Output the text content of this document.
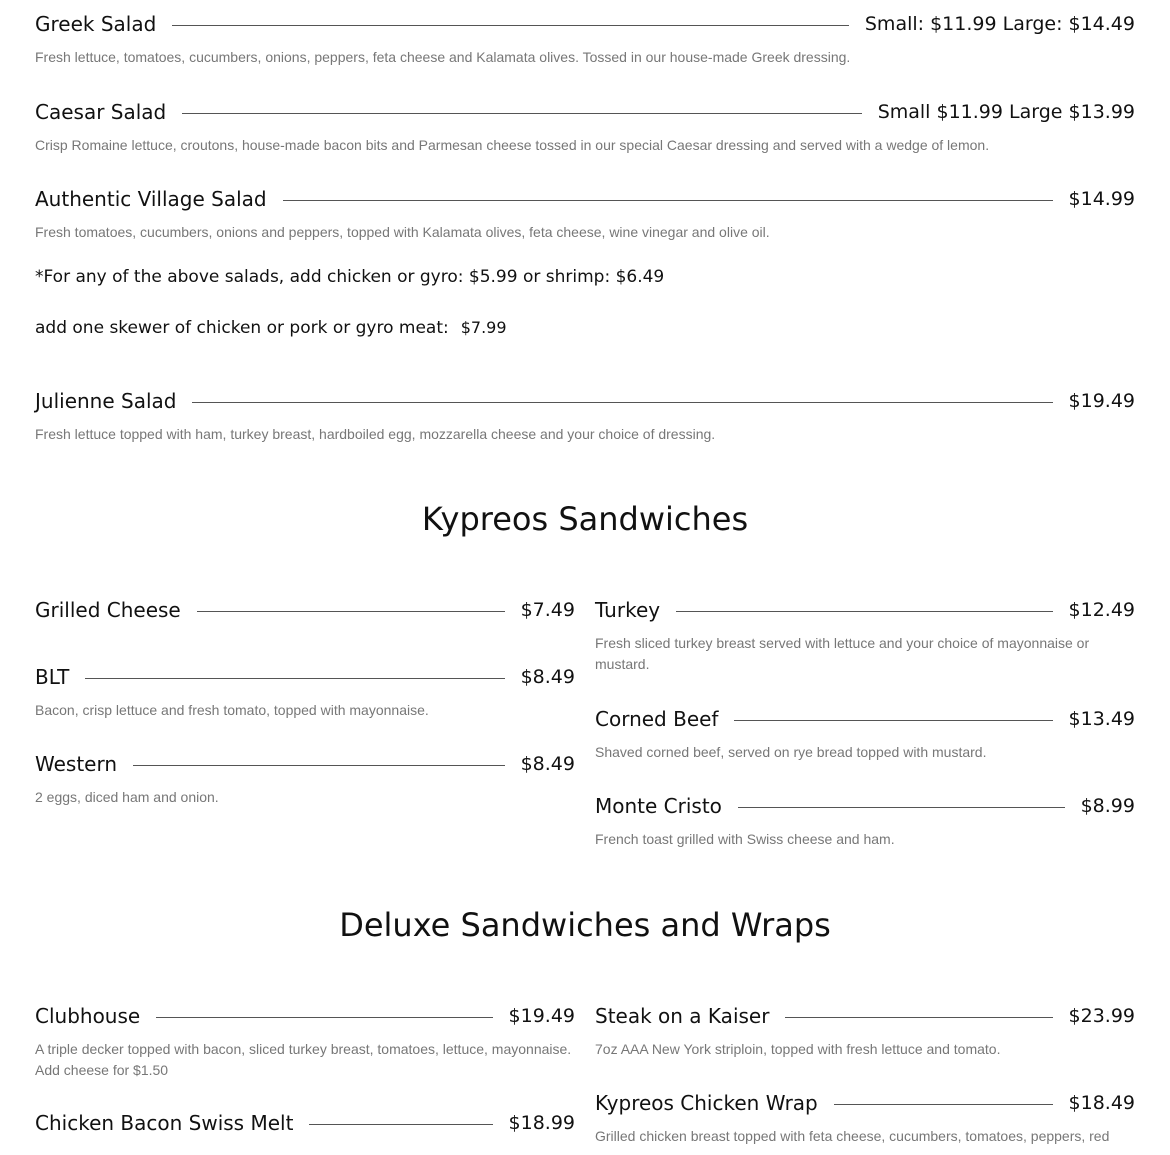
Greek Salad	Small: $11.99 Large: $14.49
Fresh lettuce, tomatoes, cucumbers, onions, peppers, feta cheese and Kalamata olives. Tossed in our house-made Greek dressing.
Caesar Salad	Small $11.99 Large $13.99
Crisp Romaine lettuce, croutons, house-made bacon bits and Parmesan cheese tossed in our special Caesar dressing and served with a wedge of lemon.
Authentic Village Salad	$14.99
Fresh tomatoes, cucumbers, onions and peppers, topped with Kalamata olives, feta cheese, wine vinegar and olive oil.
*For any of the above salads, add chicken or gyro: $5.99 or shrimp: $6.49
add one skewer of chicken or pork or gyro meat: $7.99
Julienne Salad	$19.49
Fresh lettuce topped with ham, turkey breast, hardboiled egg, mozzarella cheese and your choice of dressing.
Kypreos Sandwiches
Grilled Cheese	$7.49
BLT	$8.49
Bacon, crisp lettuce and fresh tomato, topped with mayonnaise.
Western	$8.49
2 eggs, diced ham and onion.
Turkey	$12.49
Fresh sliced turkey breast served with lettuce and your choice of mayonnaise or mustard.
Corned Beef	$13.49
Shaved corned beef, served on rye bread topped with mustard.
Monte Cristo	$8.99
French toast grilled with Swiss cheese and ham.
Deluxe Sandwiches and Wraps
Clubhouse	$19.49
A triple decker topped with bacon, sliced turkey breast, tomatoes, lettuce, mayonnaise. Add cheese for $1.50
Chicken Bacon Swiss Melt	$18.99
Steak on a Kaiser	$23.99
7oz AAA New York striploin, topped with fresh lettuce and tomato.
Kypreos Chicken Wrap	$18.49
Grilled chicken breast topped with feta cheese, cucumbers, tomatoes, peppers, red
